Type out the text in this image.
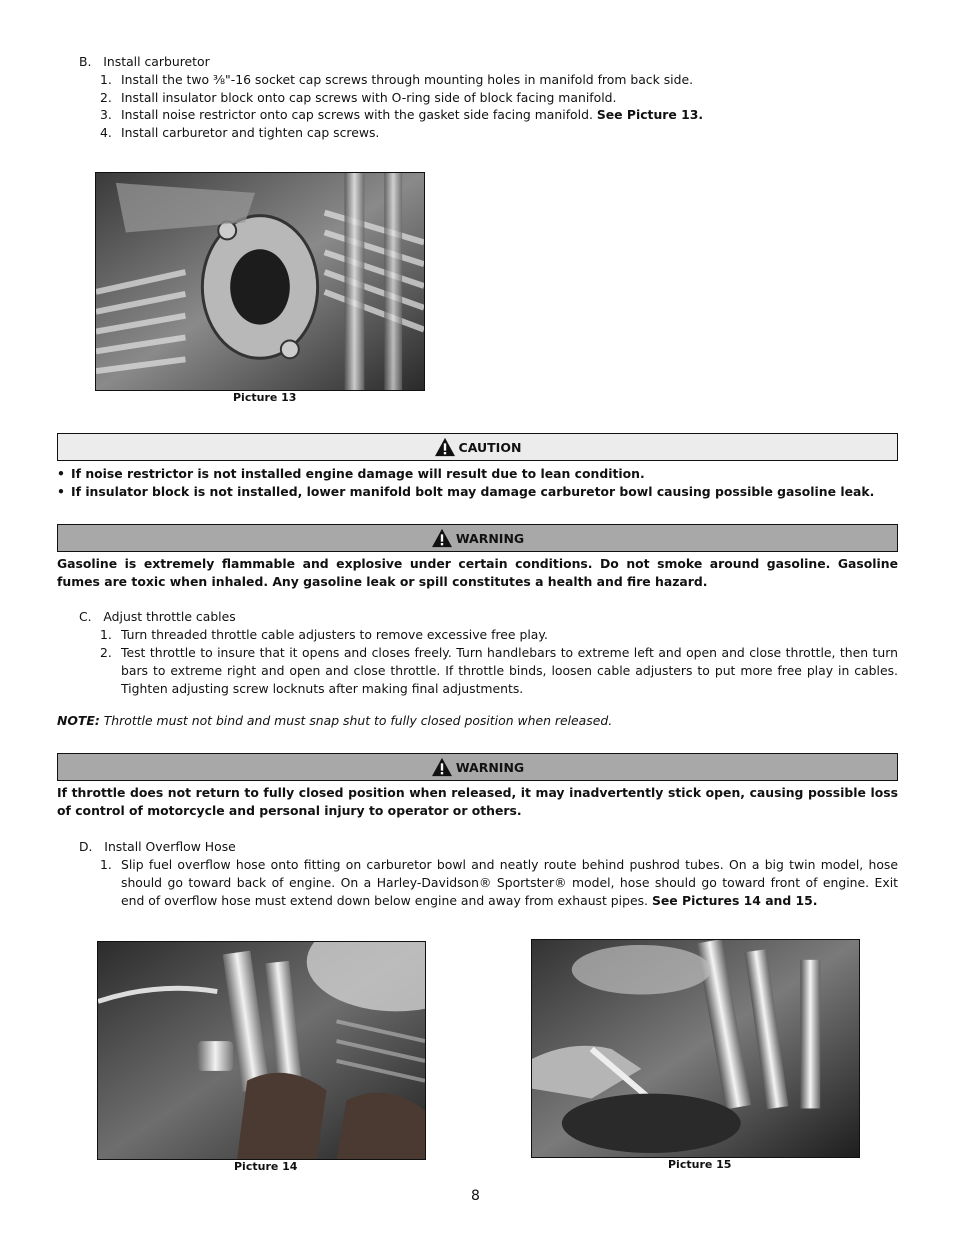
B.   Install carburetor
1. Install the two ⅜"-16 socket cap screws through mounting holes in manifold from back side.
2. Install insulator block onto cap screws with O-ring side of block facing manifold.
3. Install noise restrictor onto cap screws with the gasket side facing manifold. See Picture 13.
4. Install carburetor and tighten cap screws.
Picture 13
CAUTION
• If noise restrictor is not installed engine damage will result due to lean condition.
• If insulator block is not installed, lower manifold bolt may damage carburetor bowl causing possible gasoline leak.
WARNING
Gasoline is extremely flammable and explosive under certain conditions. Do not smoke around gasoline. Gasoline fumes are toxic when inhaled. Any gasoline leak or spill constitutes a health and fire hazard.
C.   Adjust throttle cables
1. Turn threaded throttle cable adjusters to remove excessive free play.
2. Test throttle to insure that it opens and closes freely. Turn handlebars to extreme left and open and close throttle, then turn bars to extreme right and open and close throttle. If throttle binds, loosen cable adjusters to put more free play in cables. Tighten adjusting screw locknuts after making final adjustments.
NOTE: Throttle must not bind and must snap shut to fully closed position when released.
WARNING
If throttle does not return to fully closed position when released, it may inadvertently stick open, causing possible loss of control of motorcycle and personal injury to operator or others.
D.   Install Overflow Hose
1. Slip fuel overflow hose onto fitting on carburetor bowl and neatly route behind pushrod tubes. On a big twin model, hose should go toward back of engine. On a Harley-Davidson® Sportster® model, hose should go toward front of engine. Exit end of overflow hose must extend down below engine and away from exhaust pipes. See Pictures 14 and 15.
Picture 14	Picture 15
8
